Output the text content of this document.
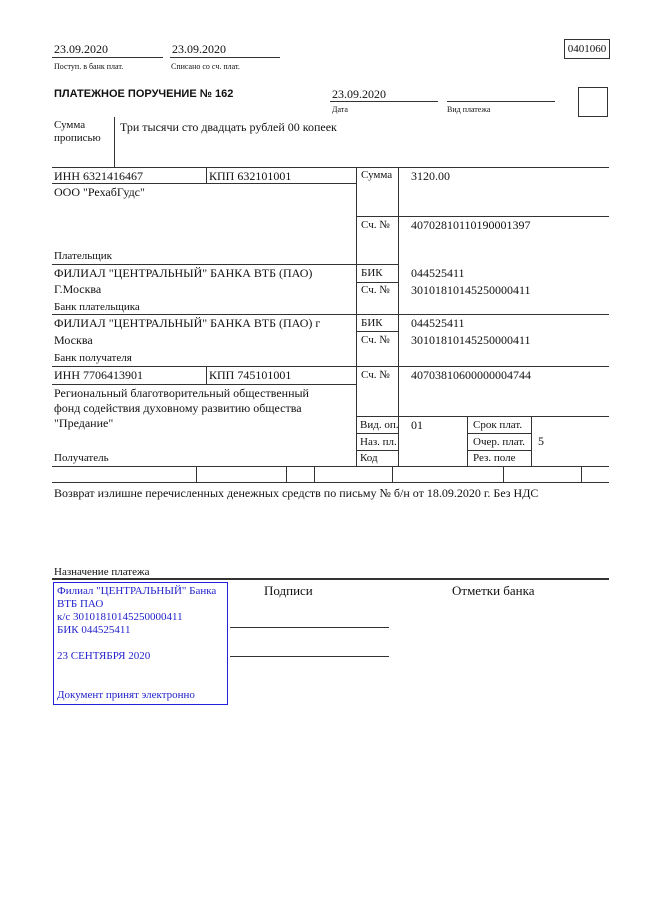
23.09.2020
Поступ. в банк плат.
23.09.2020
Списано со сч. плат.
0401060
ПЛАТЕЖНОЕ ПОРУЧЕНИЕ № 162	23.09.2020
Дата	Вид платежа
Сумма
прописью
Три тысячи сто двадцать рублей 00 копеек
ИНН 6321416467	КПП 632101001
ООО "РехабГудс"
Плательщик
Сумма 3120.00
Сч. № 40702810110190001397
ФИЛИАЛ "ЦЕНТРАЛЬНЫЙ" БАНКА ВТБ (ПАО)
Г.Москва
Банк плательщика
БИК 044525411
Сч. № 30101810145250000411
ФИЛИАЛ "ЦЕНТРАЛЬНЫЙ" БАНКА ВТБ (ПАО) г
Москва
Банк получателя
БИК 044525411
Сч. № 30101810145250000411
ИНН 7706413901	КПП 745101001
Региональный благотворительный общественный
фонд содействия духовному развитию общества
"Предание"
Получатель
Сч. № 40703810600000004744
Вид. оп. 01
Наз. пл.
Код
Срок плат.
Очер. плат. 5
Рез. поле
Возврат излишне перечисленных денежных средств по письму № б/н от 18.09.2020 г. Без НДС
Назначение платежа
Филиал "ЦЕНТРАЛЬНЫЙ" Банка
ВТБ ПАО
к/с 30101810145250000411
БИК 044525411
23 СЕНТЯБРЯ 2020
Документ принят электронно
Подписи	Отметки банка
